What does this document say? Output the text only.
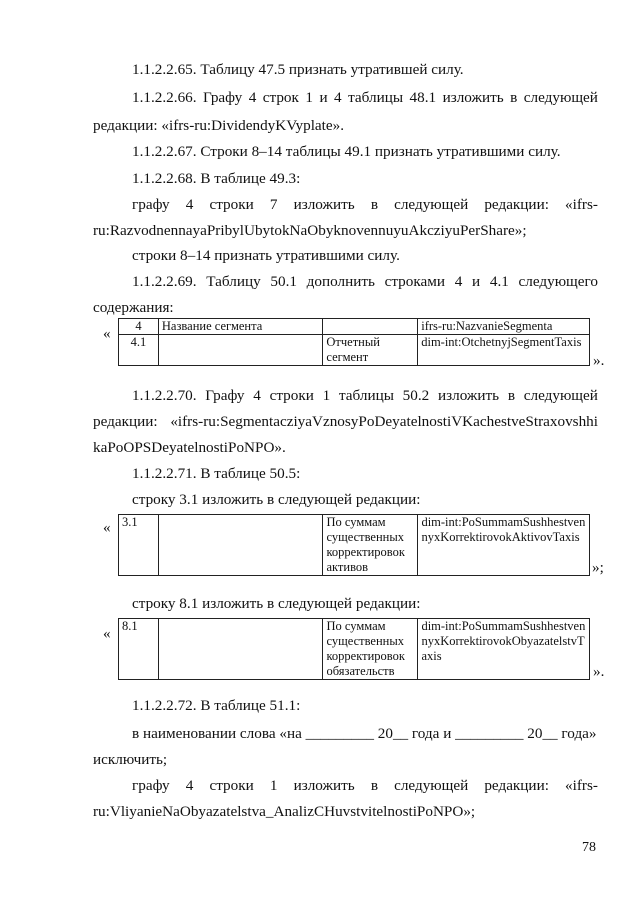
1.1.2.2.65. Таблицу 47.5 признать утратившей силу.
1.1.2.2.66. Графу 4 строк 1 и 4 таблицы 48.1 изложить в следующей
редакции: «ifrs-ru:DividendyKVyplate».
1.1.2.2.67. Строки 8–14 таблицы 49.1 признать утратившими силу.
1.1.2.2.68. В таблице 49.3:
графу 4 строки 7 изложить в следующей редакции: «ifrs-
ru:RazvodnennayaPribylUbytokNaObyknovennuyuAkcziyuPerShare»;
строки 8–14 признать утратившими силу.
1.1.2.2.69. Таблицу 50.1 дополнить строками 4 и 4.1 следующего
содержания:
« 4	Название сегмента		ifrs-ru:NazvanieSegmenta
4.1		Отчетный сегмент	dim-int:OtchetnyjSegmentTaxis
».
1.1.2.2.70. Графу 4 строки 1 таблицы 50.2 изложить в следующей
редакции: «ifrs-ru:SegmentacziyaVznosyPoDeyatelnostiVKachestveStraxovshhi
kaPoOPSDeyatelnostiPoNPO».
1.1.2.2.71. В таблице 50.5:
строку 3.1 изложить в следующей редакции:
« 3.1		По суммам существенных корректировок активов	dim-int:PoSummamSushhestvennyxKorrektirovokAktivovTaxis
»;
строку 8.1 изложить в следующей редакции:
« 8.1		По суммам существенных корректировок обязательств	dim-int:PoSummamSushhestvennyxKorrektirovokObyazatelstvTaxis
».
1.1.2.2.72. В таблице 51.1:
в наименовании слова «на _________ 20__ года и _________ 20__ года»
исключить;
графу 4 строки 1 изложить в следующей редакции: «ifrs-
ru:VliyanieNaObyazatelstva_AnalizCHuvstvitelnostiPoNPO»;
78
